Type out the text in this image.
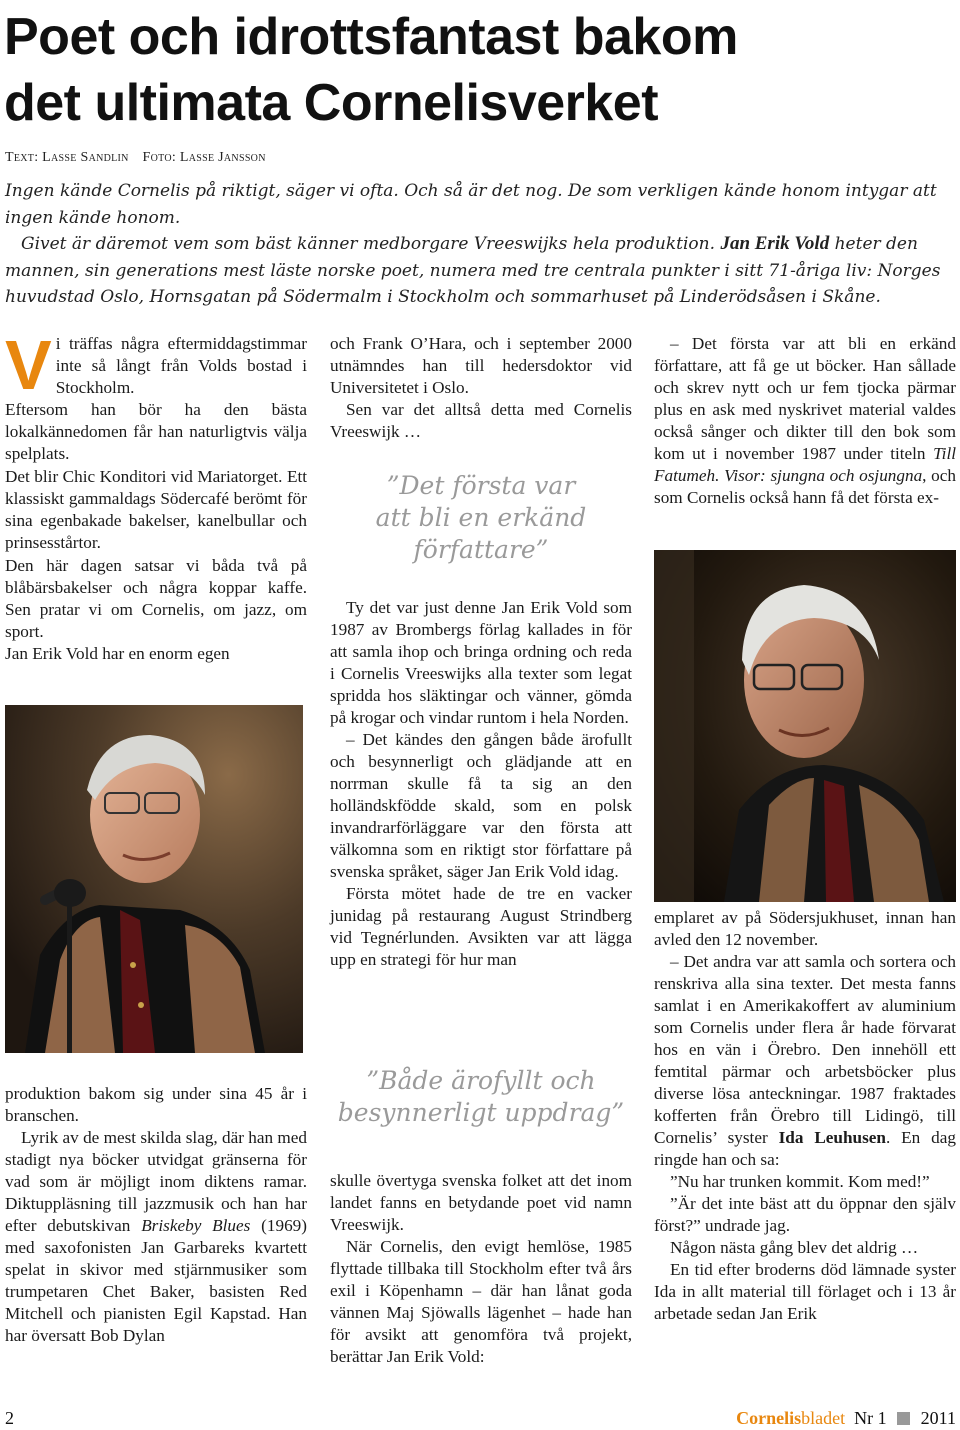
Poet och idrottsfantast bakom
det ultimata Cornelisverket
Text: Lasse Sandlin Foto: Lasse Jansson

Ingen kände Cornelis på riktigt, säger vi ofta. Och så är det nog. De som verkligen kände honom intygar att ingen kände honom.

Givet är däremot vem som bäst känner medborgare Vreeswijks hela produktion. Jan Erik Vold heter den mannen, sin generations mest läste norske poet, numera med tre centrala punkter i sitt 71-åriga liv: Norges huvudstad Oslo, Hornsgatan på Södermalm i Stockholm och sommarhuset på Linderödsåsen i Skåne.

Vi träffas några eftermiddagstimmar inte så långt från Volds bostad i Stockholm.

Eftersom han bör ha den bästa lokalkännedomen får han naturligtvis välja spelplats.

Det blir Chic Konditori vid Mariatorget. Ett klassiskt gammaldags Södercafé berömt för sina egenbakade bakelser, kanelbullar och prinsesstårtor.

Den här dagen satsar vi båda två på blåbärsbakelser och några koppar kaffe. Sen pratar vi om Cornelis, om jazz, om sport.

Jan Erik Vold har en enorm egen

produktion bakom sig under sina 45 år i branschen.

Lyrik av de mest skilda slag, där han med stadigt nya böcker utvidgat gränserna för vad som är möjligt inom diktens ramar. Diktuppläsning till jazzmusik och han har efter debutskivan Briskeby Blues (1969) med saxofonisten Jan Garbareks kvartett spelat in skivor med stjärnmusiker som trumpetaren Chet Baker, basisten Red Mitchell och pianisten Egil Kapstad. Han har översatt Bob Dylan

och Frank O’Hara, och i september 2000 utnämndes han till hedersdoktor vid Universitetet i Oslo.

Sen var det alltså detta med Cornelis Vreeswijk …

”Det första var
att bli en erkänd
författare”

Ty det var just denne Jan Erik Vold som 1987 av Brombergs förlag kallades in för att samla ihop och bringa ordning och reda i Cornelis Vreeswijks alla texter som legat spridda hos släktingar och vänner, gömda på krogar och vindar runtom i hela Norden.

– Det kändes den gången både ärofullt och besynnerligt och glädjande att en norrman skulle få ta sig an den holländskfödde skald, som en polsk invandrarförläggare var den första att välkomna som en riktigt stor författare på svenska språket, säger Jan Erik Vold idag.

Första mötet hade de tre en vacker junidag på restaurang August Strindberg vid Tegnérlunden. Avsikten var att lägga upp en strategi för hur man

”Både ärofyllt och
besynnerligt uppdrag”

skulle övertyga svenska folket att det inom landet fanns en betydande poet vid namn Vreeswijk.

När Cornelis, den evigt hemlöse, 1985 flyttade tillbaka till Stockholm efter två års exil i Köpenhamn – där han lånat goda vännen Maj Sjöwalls lägenhet – hade han för avsikt att genomföra två projekt, berättar Jan Erik Vold:

– Det första var att bli en erkänd författare, att få ge ut böcker. Han sållade och skrev nytt och ur fem tjocka pärmar plus en ask med nyskrivet material valdes också sånger och dikter till den bok som kom ut i november 1987 under titeln Till Fatumeh. Visor: sjungna och osjungna, och som Cornelis också hann få det första ex-

emplaret av på Södersjukhuset, innan han avled den 12 november.

– Det andra var att samla och sortera och renskriva alla sina texter. Det mesta fanns samlat i en Amerikakoffert av aluminium som Cornelis under flera år hade förvarat hos en vän i Örebro. Den innehöll ett femtital pärmar och arbetsböcker plus diverse lösa anteckningar. 1987 fraktades kofferten från Örebro till Lidingö, till Cornelis’ syster Ida Leuhusen. En dag ringde han och sa:

”Nu har trunken kommit. Kom med!”

”Är det inte bäst att du öppnar den själv först?” undrade jag.

Någon nästa gång blev det aldrig …

En tid efter broderns död lämnade syster Ida in allt material till förlaget och i 13 år arbetade sedan Jan Erik

2	Cornelisbladet Nr 1 2011
